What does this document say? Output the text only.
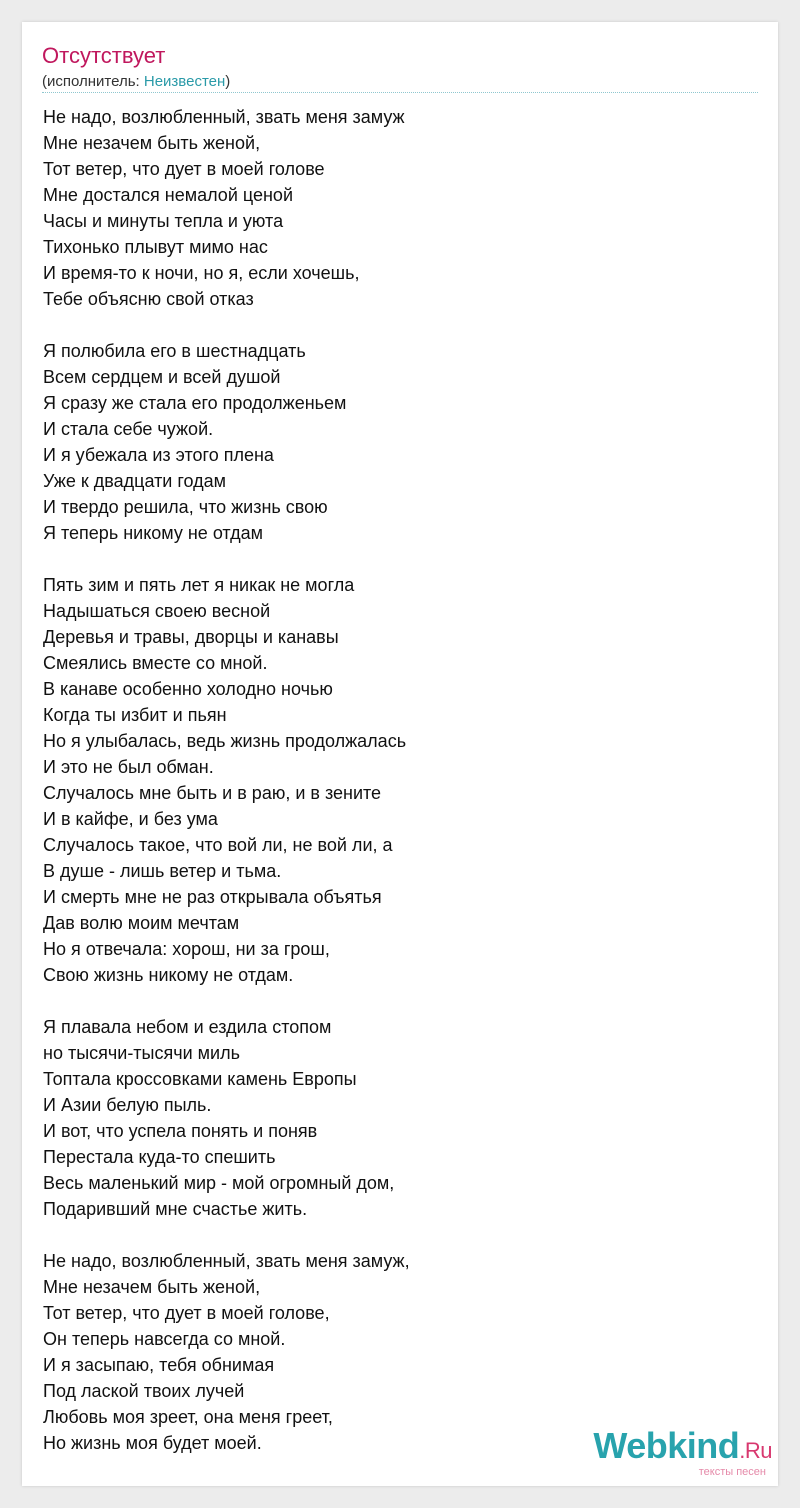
Отсутствует
(исполнитель: Неизвестен)
Не надо, возлюбленный, звать меня замуж
Мне незачем быть женой,
Тот ветер, что дует в моей голове
Мне достался немалой ценой
Часы и минуты тепла и уюта
Тихонько плывут мимо нас
И время-то к ночи, но я, если хочешь,
Тебе объясню свой отказ
Я полюбила его в шестнадцать
Всем сердцем и всей душой
Я сразу же стала его продолженьем
И стала себе чужой.
И я убежала из этого плена
Уже к двадцати годам
И твердо решила, что жизнь свою
Я теперь никому не отдам
Пять зим и пять лет я никак не могла
Надышаться своею весной
Деревья и травы, дворцы и канавы
Смеялись вместе со мной.
В канаве особенно холодно ночью
Когда ты избит и пьян
Но я улыбалась, ведь жизнь продолжалась
И это не был обман.
Случалось мне быть и в раю, и в зените
И в кайфе, и без ума
Случалось такое, что вой ли, не вой ли, а
В душе - лишь ветер и тьма.
И смерть мне не раз открывала объятья
Дав волю моим мечтам
Но я отвечала: хорош, ни за грош,
Свою жизнь никому не отдам.
Я плавала небом и ездила стопом
но тысячи-тысячи миль
Топтала кроссовками камень Европы
И Азии белую пыль.
И вот, что успела понять и поняв
Перестала куда-то спешить
Весь маленький мир - мой огромный дом,
Подаривший мне счастье жить.
Не надо, возлюбленный, звать меня замуж,
Мне незачем быть женой,
Тот ветер, что дует в моей голове,
Он теперь навсегда со мной.
И я засыпаю, тебя обнимая
Под лаской твоих лучей
Любовь моя зреет, она меня греет,
Но жизнь моя будет моей.	Webkind.Ru
тексты песен
